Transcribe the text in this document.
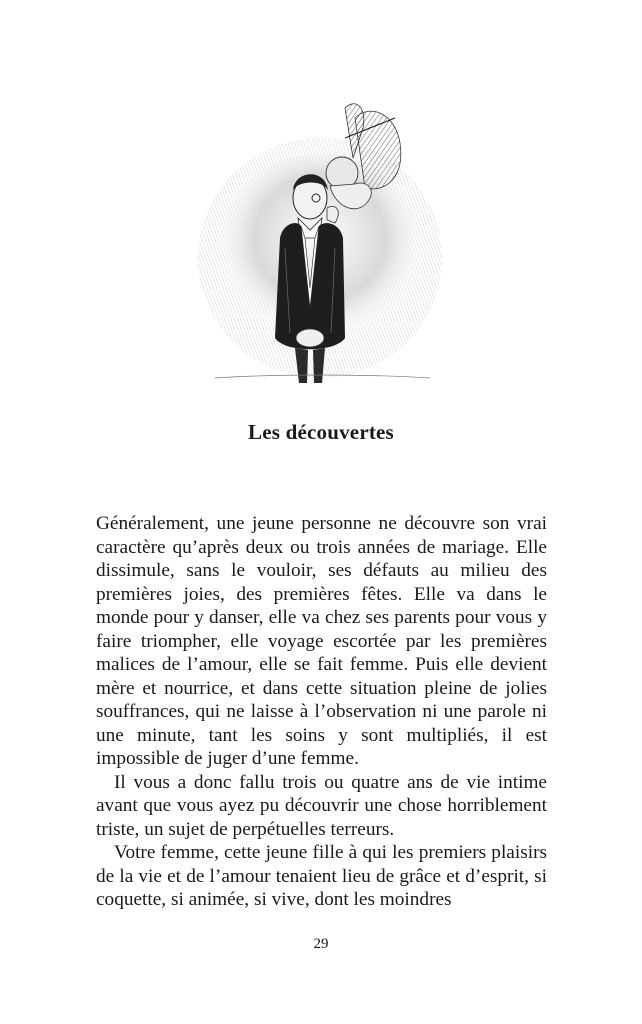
Les découvertes

Généralement, une jeune personne ne découvre son vrai caractère qu’après deux ou trois années de mariage. Elle dissimule, sans le vouloir, ses défauts au milieu des premières joies, des premières fêtes. Elle va dans le monde pour y danser, elle va chez ses parents pour vous y faire triompher, elle voyage escortée par les premières malices de l’amour, elle se fait femme. Puis elle devient mère et nourrice, et dans cette situation pleine de jolies souffrances, qui ne laisse à l’observation ni une parole ni une minute, tant les soins y sont multipliés, il est impossible de juger d’une femme.

Il vous a donc fallu trois ou quatre ans de vie intime avant que vous ayez pu découvrir une chose horriblement triste, un sujet de perpétuelles terreurs.

Votre femme, cette jeune fille à qui les premiers plaisirs de la vie et de l’amour tenaient lieu de grâce et d’esprit, si coquette, si animée, si vive, dont les moindres

29
